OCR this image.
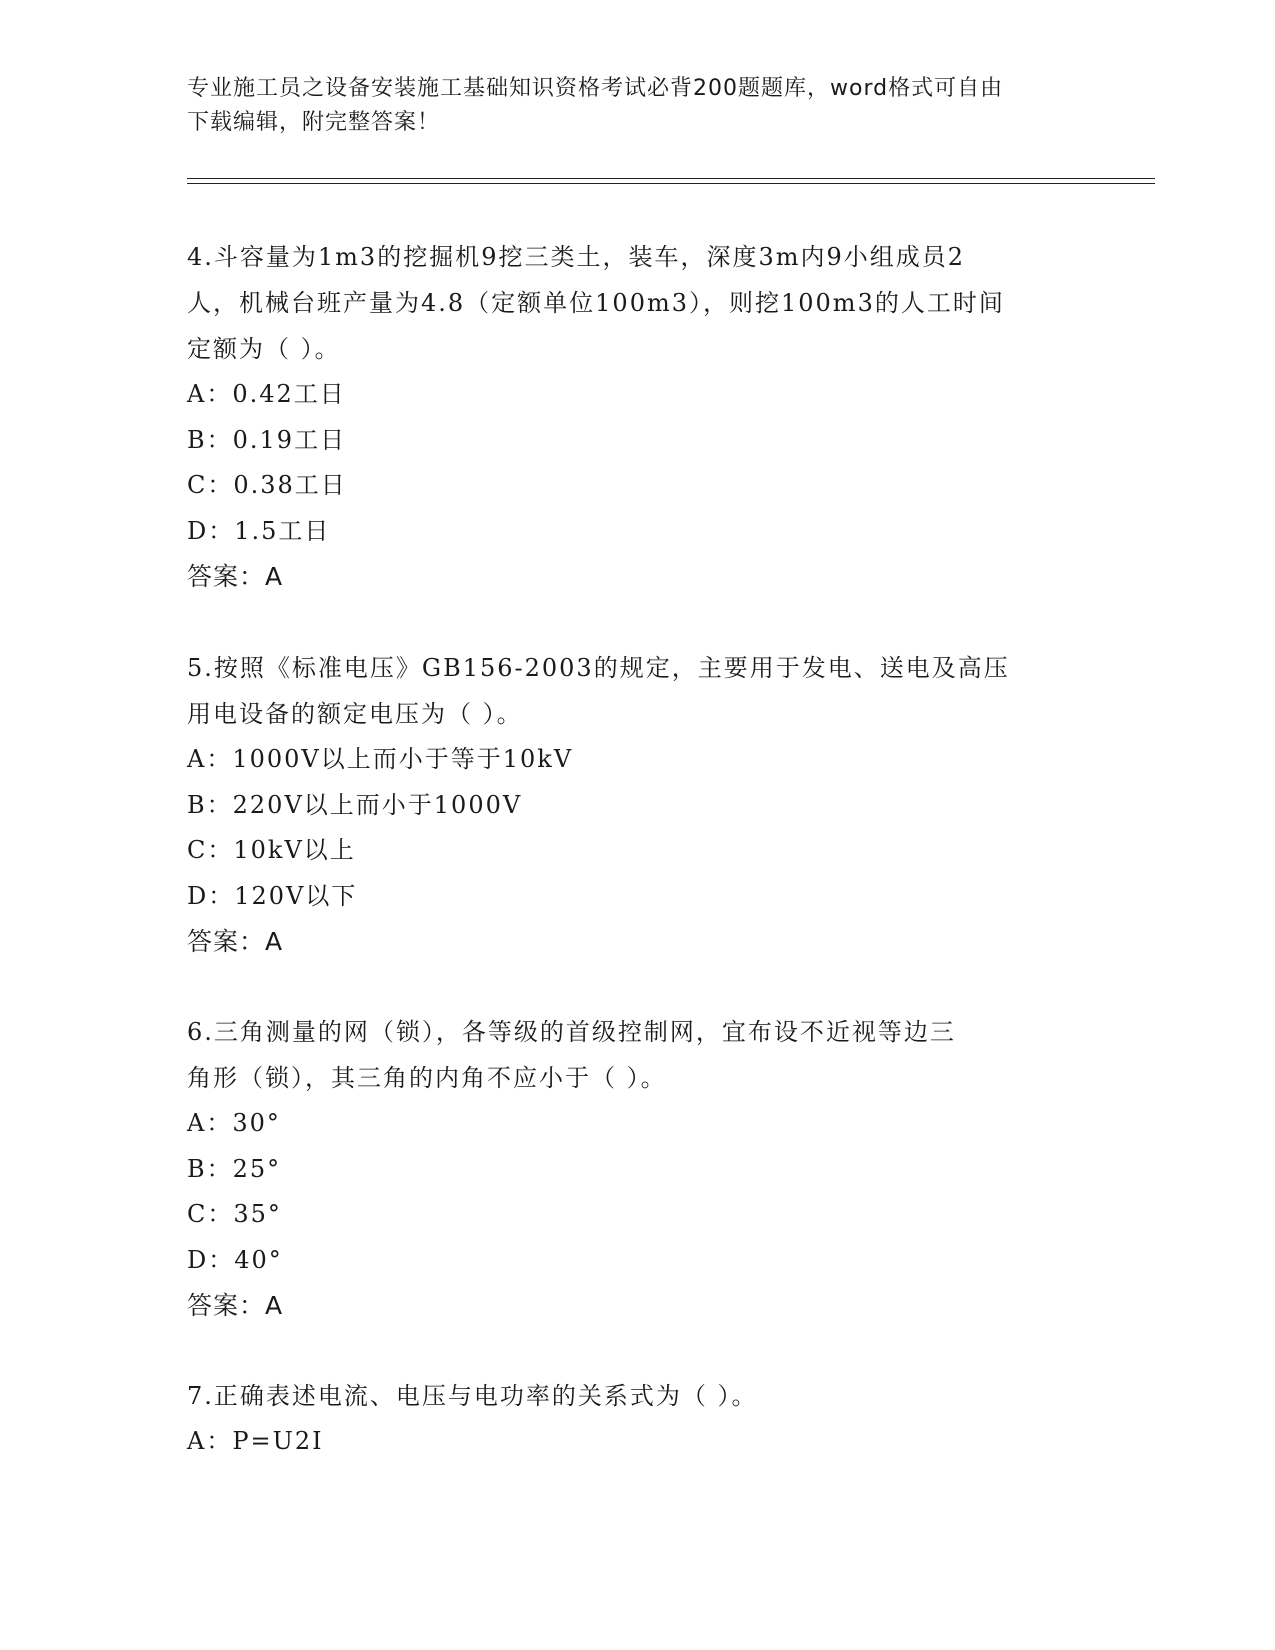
专业施工员之设备安装施工基础知识资格考试必背200题题库，word格式可自由
下载编辑，附完整答案！
4.斗容量为1m3的挖掘机9挖三类土，装车，深度3m内9小组成员2
人，机械台班产量为4.8（定额单位100m3），则挖100m3的人工时间
定额为（ ）。
A：0.42工日
B：0.19工日
C：0.38工日
D：1.5工日
答案：A
5.按照《标准电压》GB156-2003的规定，主要用于发电、送电及高压
用电设备的额定电压为（ ）。
A：1000V以上而小于等于10kV
B：220V以上而小于1000V
C：10kV以上
D：120V以下
答案：A
6.三角测量的网（锁），各等级的首级控制网，宜布设不近视等边三
角形（锁），其三角的内角不应小于（ ）。
A：30°
B：25°
C：35°
D：40°
答案：A
7.正确表述电流、电压与电功率的关系式为（ ）。
A：P=U2I
